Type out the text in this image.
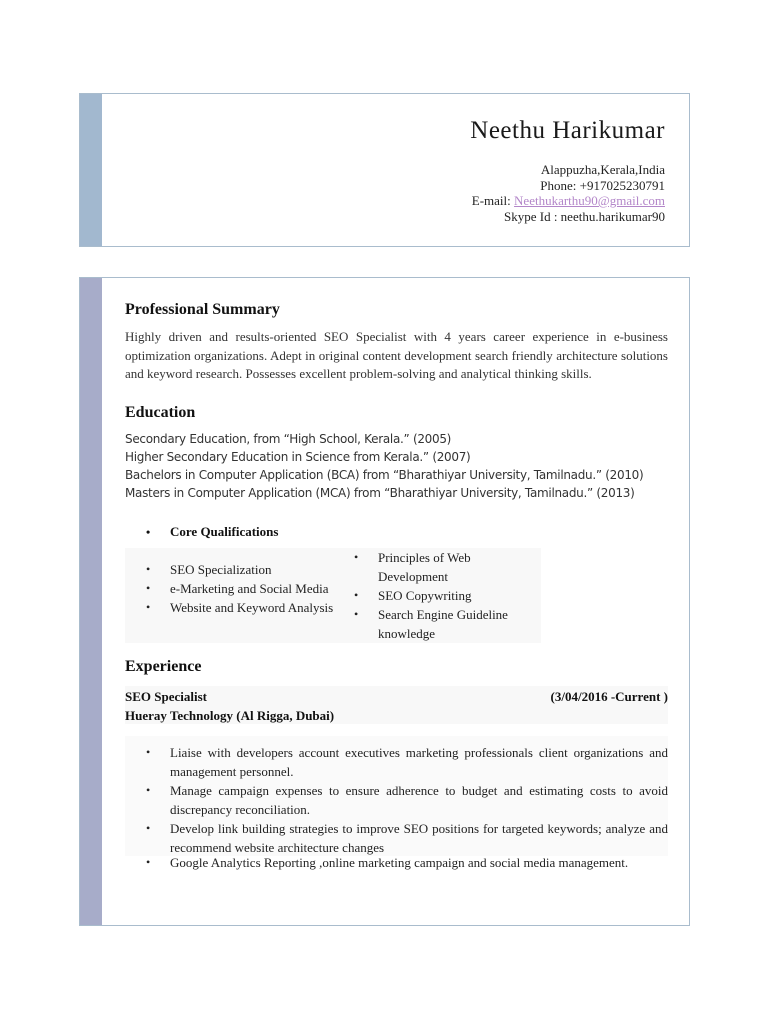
Neethu Harikumar
Alappuzha,Kerala,India
Phone: +917025230791
E-mail: Neethukarthu90@gmail.com
Skype Id : neethu.harikumar90
Professional Summary
Highly driven and results-oriented SEO Specialist with 4 years career experience in e-business optimization organizations. Adept in original content development search friendly architecture solutions and keyword research. Possesses excellent problem-solving and analytical thinking skills.
Education
Secondary Education, from “High School, Kerala.” (2005)
Higher Secondary Education in Science from Kerala.” (2007)
Bachelors in Computer Application (BCA) from “Bharathiyar University, Tamilnadu.” (2010)
Masters in Computer Application (MCA) from “Bharathiyar University, Tamilnadu.” (2013)
• Core Qualifications
• SEO Specialization
• e-Marketing and Social Media
• Website and Keyword Analysis
• Principles of Web Development
• SEO Copywriting
• Search Engine Guideline knowledge
Experience
SEO Specialist	(3/04/2016 -Current )
Hueray Technology (Al Rigga, Dubai)
• Liaise with developers account executives marketing professionals client organizations and management personnel.
• Manage campaign expenses to ensure adherence to budget and estimating costs to avoid discrepancy reconciliation.
• Develop link building strategies to improve SEO positions for targeted keywords; analyze and recommend website architecture changes
• Google Analytics Reporting ,online marketing campaign and social media management.
